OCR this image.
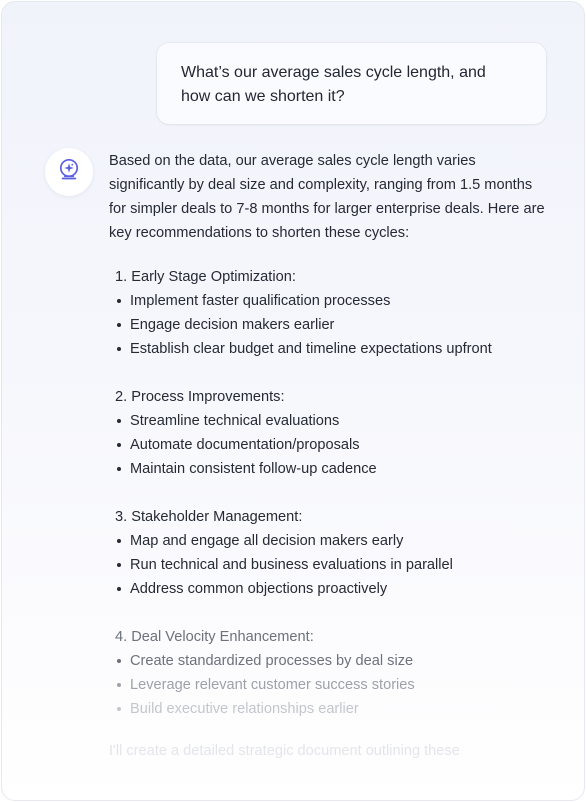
What’s our average sales cycle length, and
how can we shorten it?

Based on the data, our average sales cycle length varies significantly by deal size and complexity, ranging from 1.5 months for simpler deals to 7-8 months for larger enterprise deals. Here are key recommendations to shorten these cycles:

1. Early Stage Optimization:
Implement faster qualification processes
Engage decision makers earlier
Establish clear budget and timeline expectations upfront
2. Process Improvements:
Streamline technical evaluations
Automate documentation/proposals
Maintain consistent follow-up cadence
3. Stakeholder Management:
Map and engage all decision makers early
Run technical and business evaluations in parallel
Address common objections proactively
4. Deal Velocity Enhancement:
Create standardized processes by deal size
Leverage relevant customer success stories
Build executive relationships earlier

I'll create a detailed strategic document outlining these
